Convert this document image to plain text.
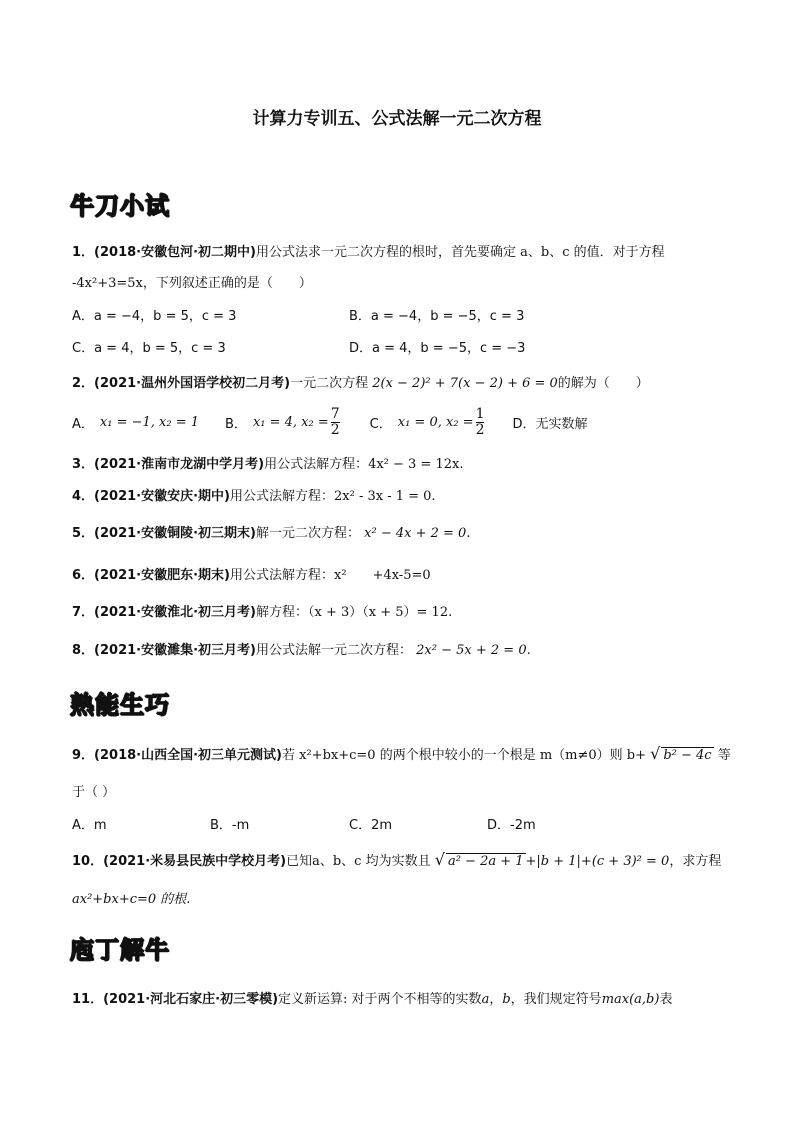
计算力专训五、公式法解一元二次方程
牛刀小试
1．(2018·安徽包河·初二期中)用公式法求一元二次方程的根时，首先要确定 a、b、c 的值．对于方程
-4x²+3=5x，下列叙述正确的是（　　）
A．a = −4，b = 5，c = 3	B．a = −4，b = −5，c = 3
C．a = 4，b = 5，c = 3	D．a = 4，b = −5，c = −3
2．(2021·温州外国语学校初二月考)一元二次方程 2(x − 2)² + 7(x − 2) + 6 = 0的解为（　　）
A． x₁ = −1, x₂ = 1 B． x₁ = 4, $x_2 = \frac{7}{2}$ C． x₁ = 0, $x_2 = \frac{1}{2}$ D．无实数解
3．(2021·淮南市龙湖中学月考)用公式法解方程：4x² − 3 = 12x.
4．(2021·安徽安庆·期中)用公式法解方程：2x² - 3x - 1 = 0.
5．(2021·安徽铜陵·初三期末)解一元二次方程： x² − 4x + 2 = 0.
6．(2021·安徽肥东·期末)用公式法解方程：x²　　+4x-5=0
7．(2021·安徽淮北·初三月考)解方程：（x + 3）（x + 5）= 12.
8．(2021·安徽濉集·初三月考)用公式法解一元二次方程： 2x² − 5x + 2 = 0.
熟能生巧
9．(2018·山西全国·初三单元测试)若 x²+bx+c=0 的两个根中较小的一个根是 m（m≠0）则 b+ √ b² − 4c 等
于（ ）
A．m	B．-m	C．2m	D．-2m
10．(2021·米易县民族中学校月考)已知a、b、c 均为实数且 √ a² − 2a + 1 +|b + 1|+(c + 3)² = 0，求方程
ax²+bx+c=0 的根.
庖丁解牛
11．(2021·河北石家庄·初三零模)定义新运算: 对于两个不相等的实数a，b，我们规定符号max(a,b)表
